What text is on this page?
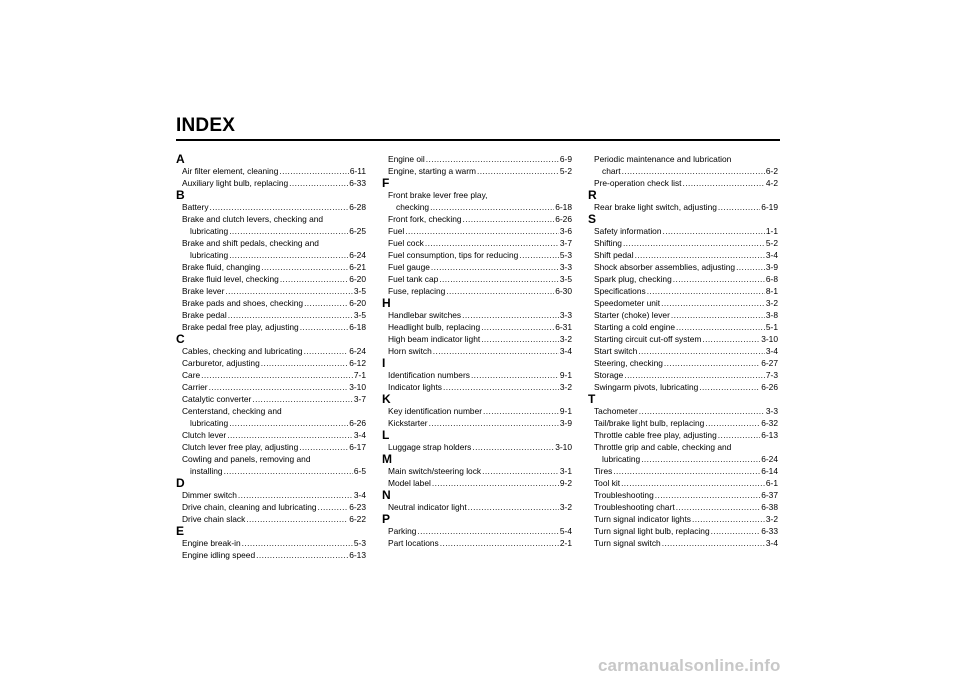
INDEX
A
Air filter element, cleaning .....	6-11
Auxiliary light bulb, replacing .....	6-33
B
Battery .....	6-28
Brake and clutch levers, checking and
lubricating .....	6-25
Brake and shift pedals, checking and
lubricating .....	6-24
Brake fluid, changing .....	6-21
Brake fluid level, checking .....	6-20
Brake lever .....	3-5
Brake pads and shoes, checking .....	6-20
Brake pedal .....	3-5
Brake pedal free play, adjusting .....	6-18
C
Cables, checking and lubricating .....	6-24
Carburetor, adjusting .....	6-12
Care .....	7-1
Carrier .....	3-10
Catalytic converter .....	3-7
Centerstand, checking and
lubricating .....	6-26
Clutch lever .....	3-4
Clutch lever free play, adjusting .....	6-17
Cowling and panels, removing and
installing .....	6-5
D
Dimmer switch .....	3-4
Drive chain, cleaning and lubricating .....	6-23
Drive chain slack .....	6-22
E
Engine break-in .....	5-3
Engine idling speed .....	6-13
Engine oil .....	6-9
Engine, starting a warm .....	5-2
F
Front brake lever free play,
checking .....	6-18
Front fork, checking .....	6-26
Fuel .....	3-6
Fuel cock .....	3-7
Fuel consumption, tips for reducing .....	5-3
Fuel gauge .....	3-3
Fuel tank cap .....	3-5
Fuse, replacing .....	6-30
H
Handlebar switches .....	3-3
Headlight bulb, replacing .....	6-31
High beam indicator light .....	3-2
Horn switch .....	3-4
I
Identification numbers .....	9-1
Indicator lights .....	3-2
K
Key identification number .....	9-1
Kickstarter .....	3-9
L
Luggage strap holders .....	3-10
M
Main switch/steering lock .....	3-1
Model label .....	9-2
N
Neutral indicator light .....	3-2
P
Parking .....	5-4
Part locations .....	2-1
Periodic maintenance and lubrication
chart .....	6-2
Pre-operation check list .....	4-2
R
Rear brake light switch, adjusting .....	6-19
S
Safety information .....	1-1
Shifting .....	5-2
Shift pedal .....	3-4
Shock absorber assemblies, adjusting .....	3-9
Spark plug, checking .....	6-8
Specifications .....	8-1
Speedometer unit .....	3-2
Starter (choke) lever .....	3-8
Starting a cold engine .....	5-1
Starting circuit cut-off system .....	3-10
Start switch .....	3-4
Steering, checking .....	6-27
Storage .....	7-3
Swingarm pivots, lubricating .....	6-26
T
Tachometer .....	3-3
Tail/brake light bulb, replacing .....	6-32
Throttle cable free play, adjusting .....	6-13
Throttle grip and cable, checking and
lubricating .....	6-24
Tires .....	6-14
Tool kit .....	6-1
Troubleshooting .....	6-37
Troubleshooting chart .....	6-38
Turn signal indicator lights .....	3-2
Turn signal light bulb, replacing .....	6-33
Turn signal switch .....	3-4
carmanualsonline.info
